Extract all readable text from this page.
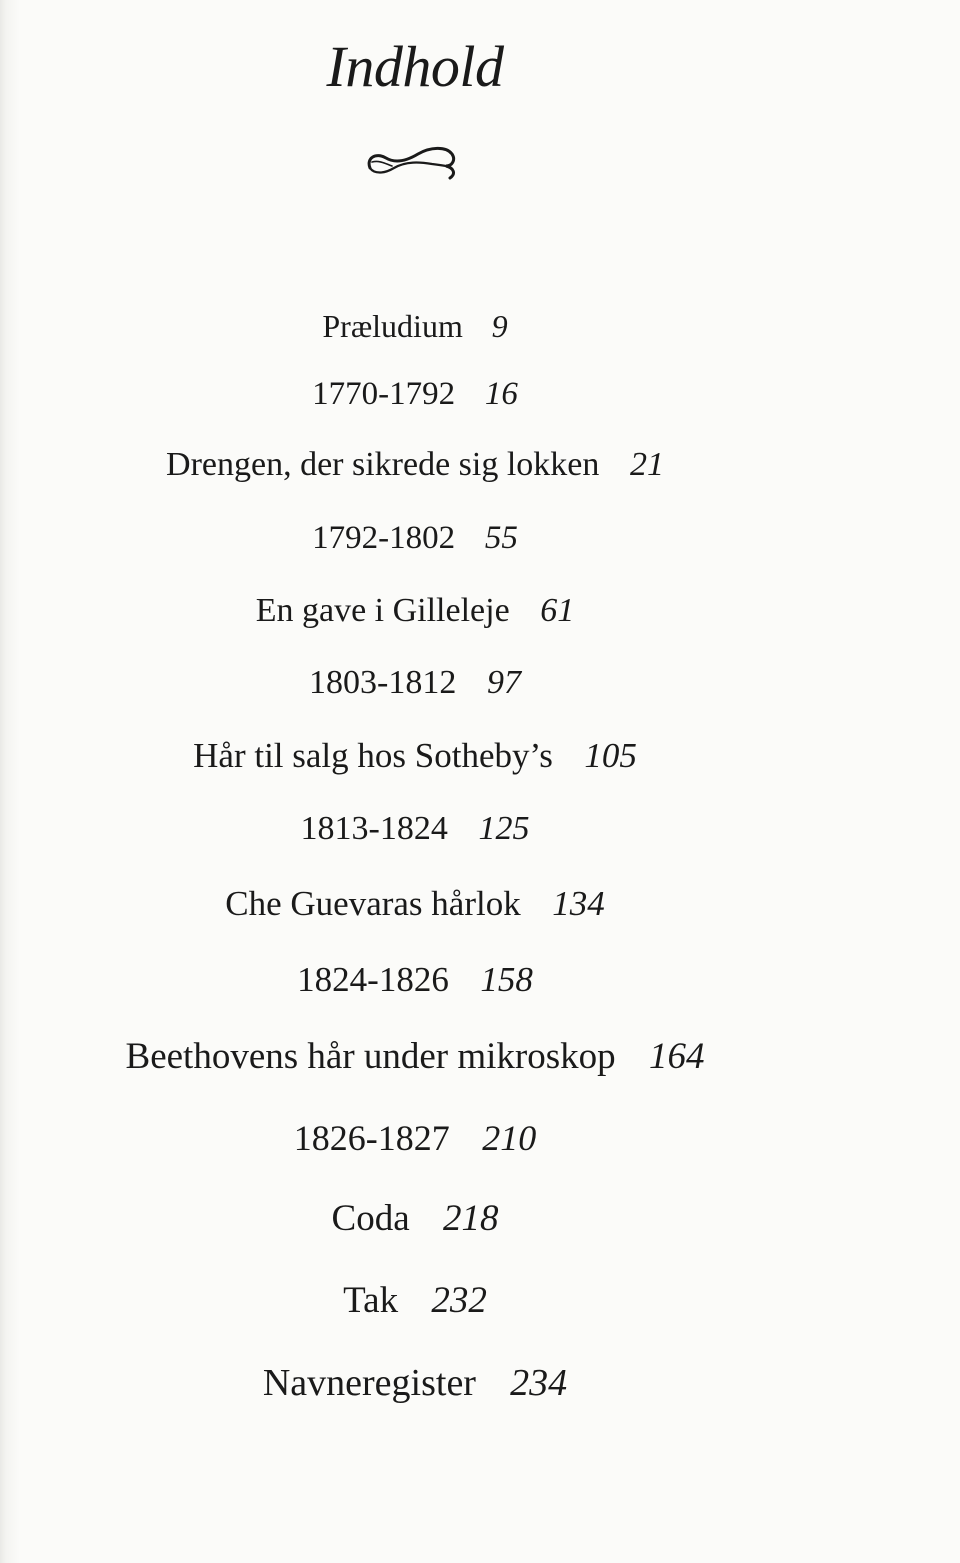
Indhold
Præludium 9
1770-1792 16
Drengen, der sikrede sig lokken 21
1792-1802 55
En gave i Gilleleje 61
1803-1812 97
Hår til salg hos Sotheby’s 105
1813-1824 125
Che Guevaras hårlok 134
1824-1826 158
Beethovens hår under mikroskop 164
1826-1827 210
Coda 218
Tak 232
Navneregister 234
